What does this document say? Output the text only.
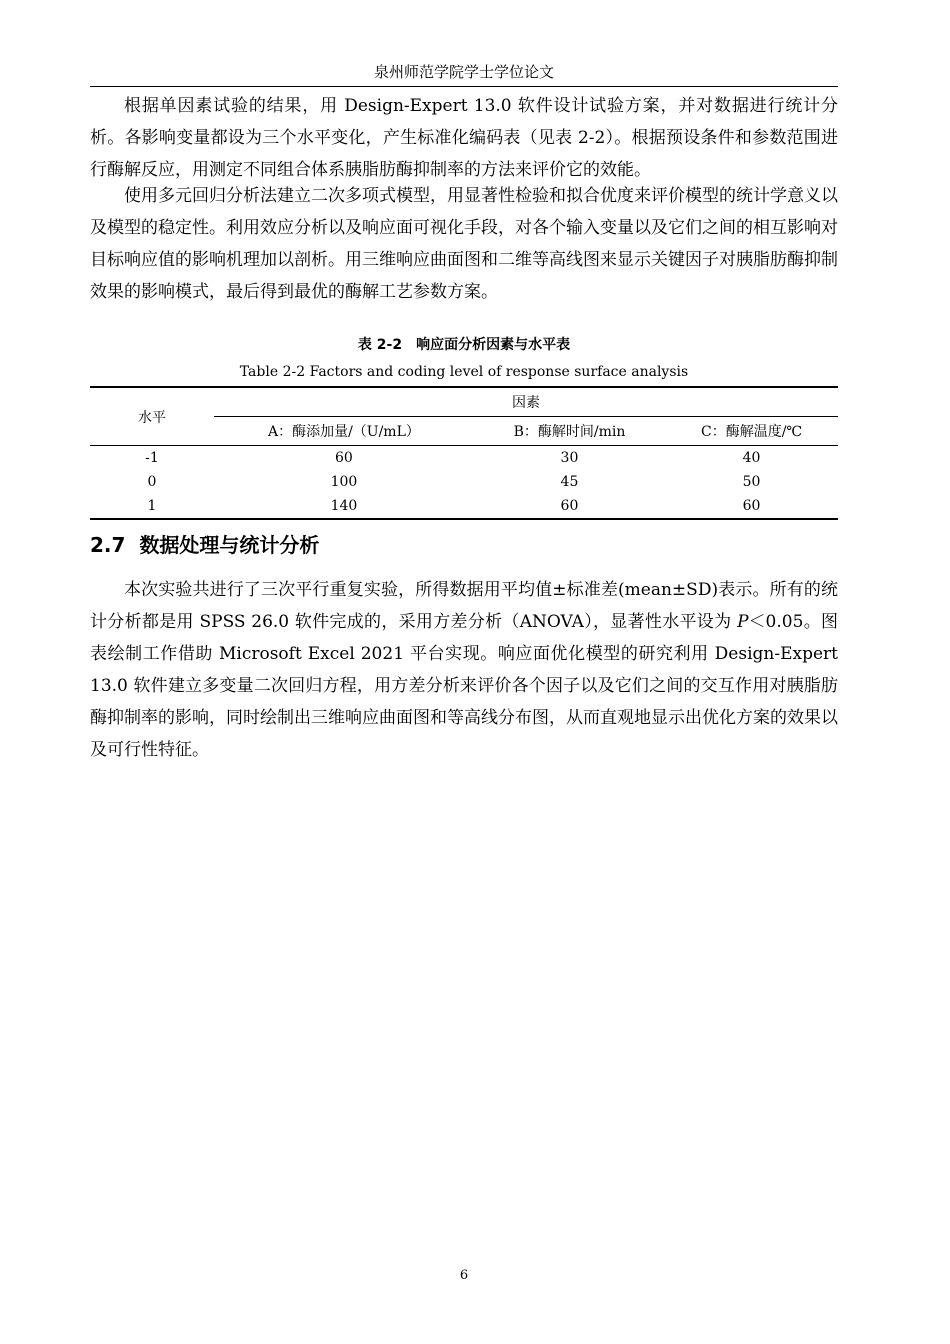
泉州师范学院学士学位论文

根据单因素试验的结果，用 Design-Expert 13.0 软件设计试验方案，并对数据进行统计分析。各影响变量都设为三个水平变化，产生标准化编码表（见表 2-2）。根据预设条件和参数范围进行酶解反应，用测定不同组合体系胰脂肪酶抑制率的方法来评价它的效能。

使用多元回归分析法建立二次多项式模型，用显著性检验和拟合优度来评价模型的统计学意义以及模型的稳定性。利用效应分析以及响应面可视化手段，对各个输入变量以及它们之间的相互影响对目标响应值的影响机理加以剖析。用三维响应曲面图和二维等高线图来显示关键因子对胰脂肪酶抑制效果的影响模式，最后得到最优的酶解工艺参数方案。

表 2-2　响应面分析因素与水平表
Table 2-2 Factors and coding level of response surface analysis
水平	因素		
	A：酶添加量/（U/mL）	B：酶解时间/min	C：酶解温度/℃
-1	60	30	40
0	100	45	50
1	140	60	60
2.7 数据处理与统计分析

本次实验共进行了三次平行重复实验，所得数据用平均值±标准差(mean±SD)表示。所有的统计分析都是用 SPSS 26.0 软件完成的，采用方差分析（ANOVA），显著性水平设为 P＜0.05。图表绘制工作借助 Microsoft Excel 2021 平台实现。响应面优化模型的研究利用 Design-Expert 13.0 软件建立多变量二次回归方程，用方差分析来评价各个因子以及它们之间的交互作用对胰脂肪酶抑制率的影响，同时绘制出三维响应曲面图和等高线分布图，从而直观地显示出优化方案的效果以及可行性特征。

6
